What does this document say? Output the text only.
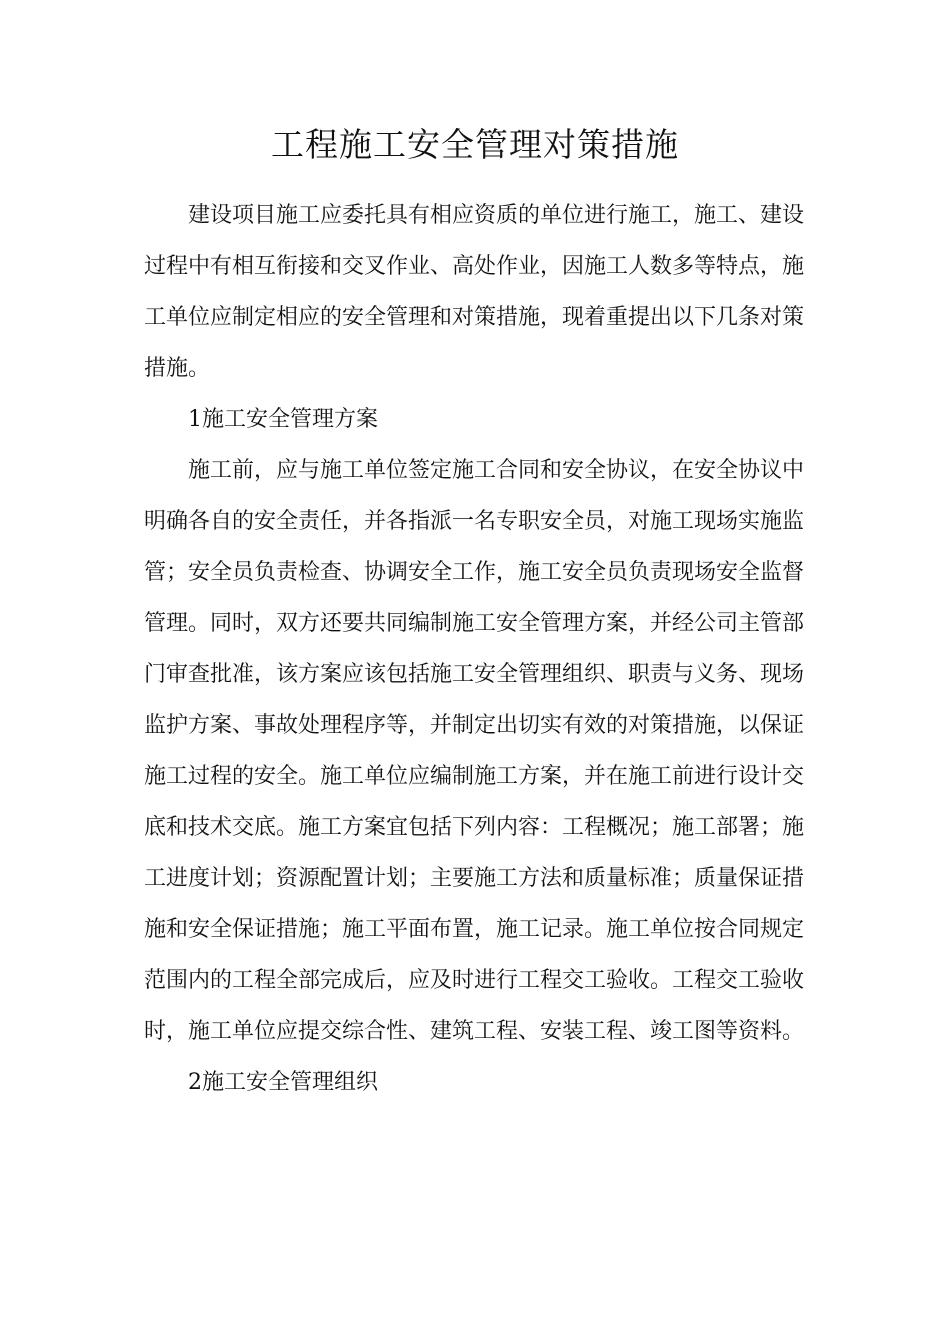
工程施工安全管理对策措施

建设项目施工应委托具有相应资质的单位进行施工，施工、建设过程中有相互衔接和交叉作业、高处作业，因施工人数多等特点，施工单位应制定相应的安全管理和对策措施，现着重提出以下几条对策措施。

1施工安全管理方案

施工前，应与施工单位签定施工合同和安全协议，在安全协议中明确各自的安全责任，并各指派一名专职安全员，对施工现场实施监管；安全员负责检查、协调安全工作，施工安全员负责现场安全监督管理。同时，双方还要共同编制施工安全管理方案，并经公司主管部门审查批准，该方案应该包括施工安全管理组织、职责与义务、现场监护方案、事故处理程序等，并制定出切实有效的对策措施，以保证施工过程的安全。施工单位应编制施工方案，并在施工前进行设计交底和技术交底。施工方案宜包括下列内容：工程概况；施工部署；施工进度计划；资源配置计划；主要施工方法和质量标准；质量保证措施和安全保证措施；施工平面布置，施工记录。施工单位按合同规定范围内的工程全部完成后，应及时进行工程交工验收。工程交工验收时，施工单位应提交综合性、建筑工程、安装工程、竣工图等资料。

2施工安全管理组织
